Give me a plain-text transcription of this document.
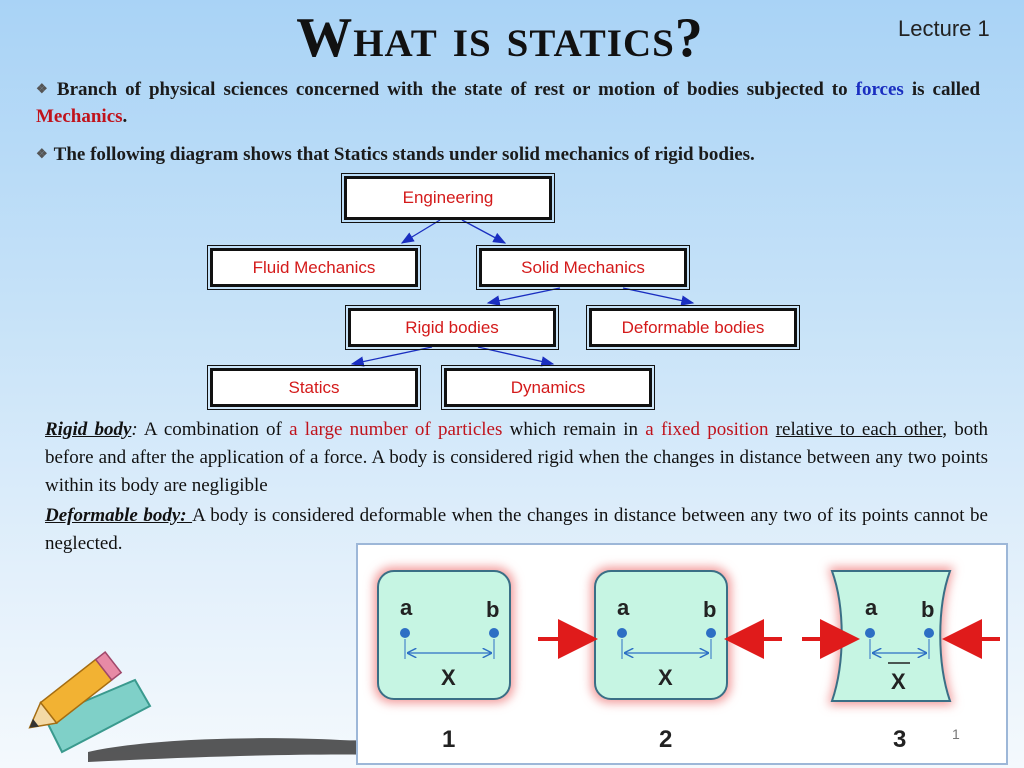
What is statics?	Lecture 1
❖ Branch of physical sciences concerned with the state of rest or motion of bodies subjected to forces is called Mechanics.
❖ The following diagram shows that Statics stands under solid mechanics of rigid bodies.
Engineering
Fluid Mechanics	Solid Mechanics
Rigid bodies	Deformable bodies
Statics	Dynamics
Rigid body: A combination of a large number of particles which remain in a fixed position relative to each other, both before and after the application of a force. A body is considered rigid when the changes in distance between any two points within its body are negligible
Deformable body: A body is considered deformable when the changes in distance between any two of its points cannot be neglected.
a	b
X
1
a	b
X
2
a b
X
3	1
